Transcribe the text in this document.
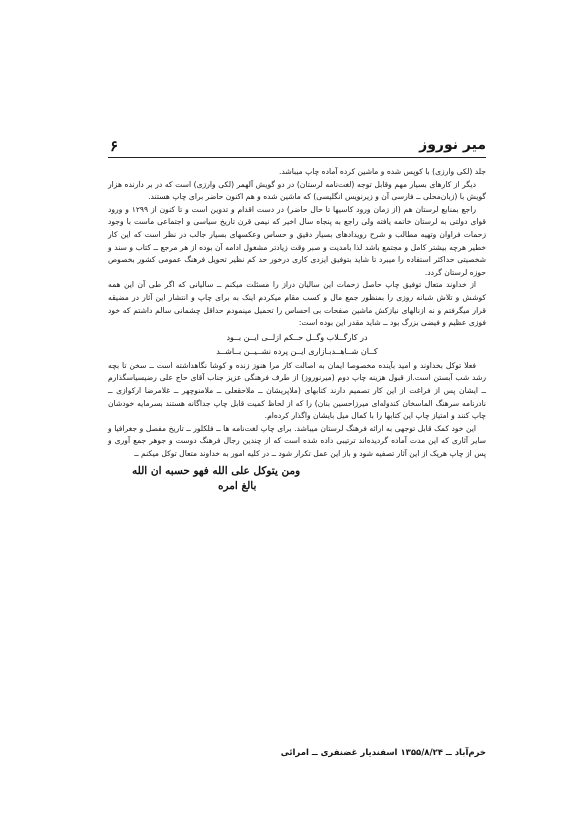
میر نوروز
۶

جلد (لکی وارزی) با کوپس شده و ماشین کرده آماده چاپ میباشد.

دیگر از کارهای بسیار مهم وقابل توجه (لغت‌نامه لرستان) در دو گویش آلهمر (لکی وارزی) است که در بر دارنده هزار گویش با (زبان‌محلی ــ فارسی آن و زیرنویس انگلیسی) که ماشین شده و هم اکنون حاضر برای چاپ هستند.

راجع بمنابع لرستان هم (از زمان ورود کاسیها تا حال حاضر) در دست اقدام و تدوین است و تا کنون از ۱۲۹۹ و ورود قوای دولتی به لرستان خاتمه یافته ولی راجع به پنجاه سال اخیر که نیمی قرن تاریخ سیاسی و اجتماعی ماست با وجود زحمات فراوان وتهیه مطالب و شرح رویدادهای بسیار دقیق و حساس وعکسهای بسیار جالب در نظر است که این کار خطیر هرچه بیشتر کامل و مجتمع باشد لذا بامدیت و صبر وقت زیادتر مشغول ادامه آن بوده از هر مرجع ــ کتاب و سند و شخصیتی حداکثر استفاده را میبرد تا شاید بتوفیق ایزدی کاری درخور حد کم نظیر تحویل فرهنگ عمومی کشور بخصوص حوزه لرستان گردد.

از خداوند متعال توفیق چاپ حاصل زحمات این سالیان دراز را مسئلت میکنم ــ سالیانی که اگر طی آن این همه کوشش و تلاش شبانه روزی را بمنظور جمع مال و کسب مقام میکردم اینک به برای چاپ و انتشار این آثار در مضیقه قرار میگرفتم و نه ازنالهای نیازکش ماشین صفحات بی احساس را تحمیل مینمودم حداقل چشمانی سالم داشتم که خود فوزی عظیم و فیضی بزرگ بود ــ شاید مقدر این بوده است:

در کارگــلاب وگــل حــکم ازلــی ایــن بــود
کــان شــاهــدبـازاری ایــن پرده نشــیــن بــاشــد

فعلا توکل بخداوند و امید بآینده مخصوصا ایمان به اصالت کار مرا هنوز زنده و کوشا نگاهداشته است ــ سخن تا بچه رشد شب آبستن است.از قبول هزینه چاپ دوم (میرنوروز) از طرف فرهنگی عزیز جناب آقای حاج علی رضیسیاسگذارم ــ ایشان پس از فراغت از این کار تصمیم دارند کتابهای (ملاپریشان ــ ملاحقعلی ــ ملامنوچهر ــ غلامرضا ارکوازی ــ نادرنامه سرهنگ الماسخان کندوله‌ای میرزاحسین بنان) را که از لحاظ کمیت قابل چاپ جداگانه هستند بسرمایه خودشان چاپ کنند و امتیاز چاپ این کتابها را با کمال میل بایشان واگذار کرده‌ام.

این خود کمک قابل توجهی به ارائه فرهنگ لرستان میباشد. برای چاپ لغت‌نامه ها ــ فلکلور ــ تاریخ مفصل و جغرافیا و سایر آثاری که این مدت آماده گردیده‌اند ترتیبی داده شده است که از چندین رجال فرهنگ دوست و جوهر جمع آوری و پس از چاپ هریک از این آثار تصفیه شود و باز این عمل تکرار شود ــ در کلیه امور به خداوند متعال توکل میکنم ــ

ومن يتوكل على الله فهو حسبه ان الله
بالغ امره
خرم‌آباد ــ ۱۳۵۵/۸/۲۴ اسفندیار غضنفری ــ امرائی
